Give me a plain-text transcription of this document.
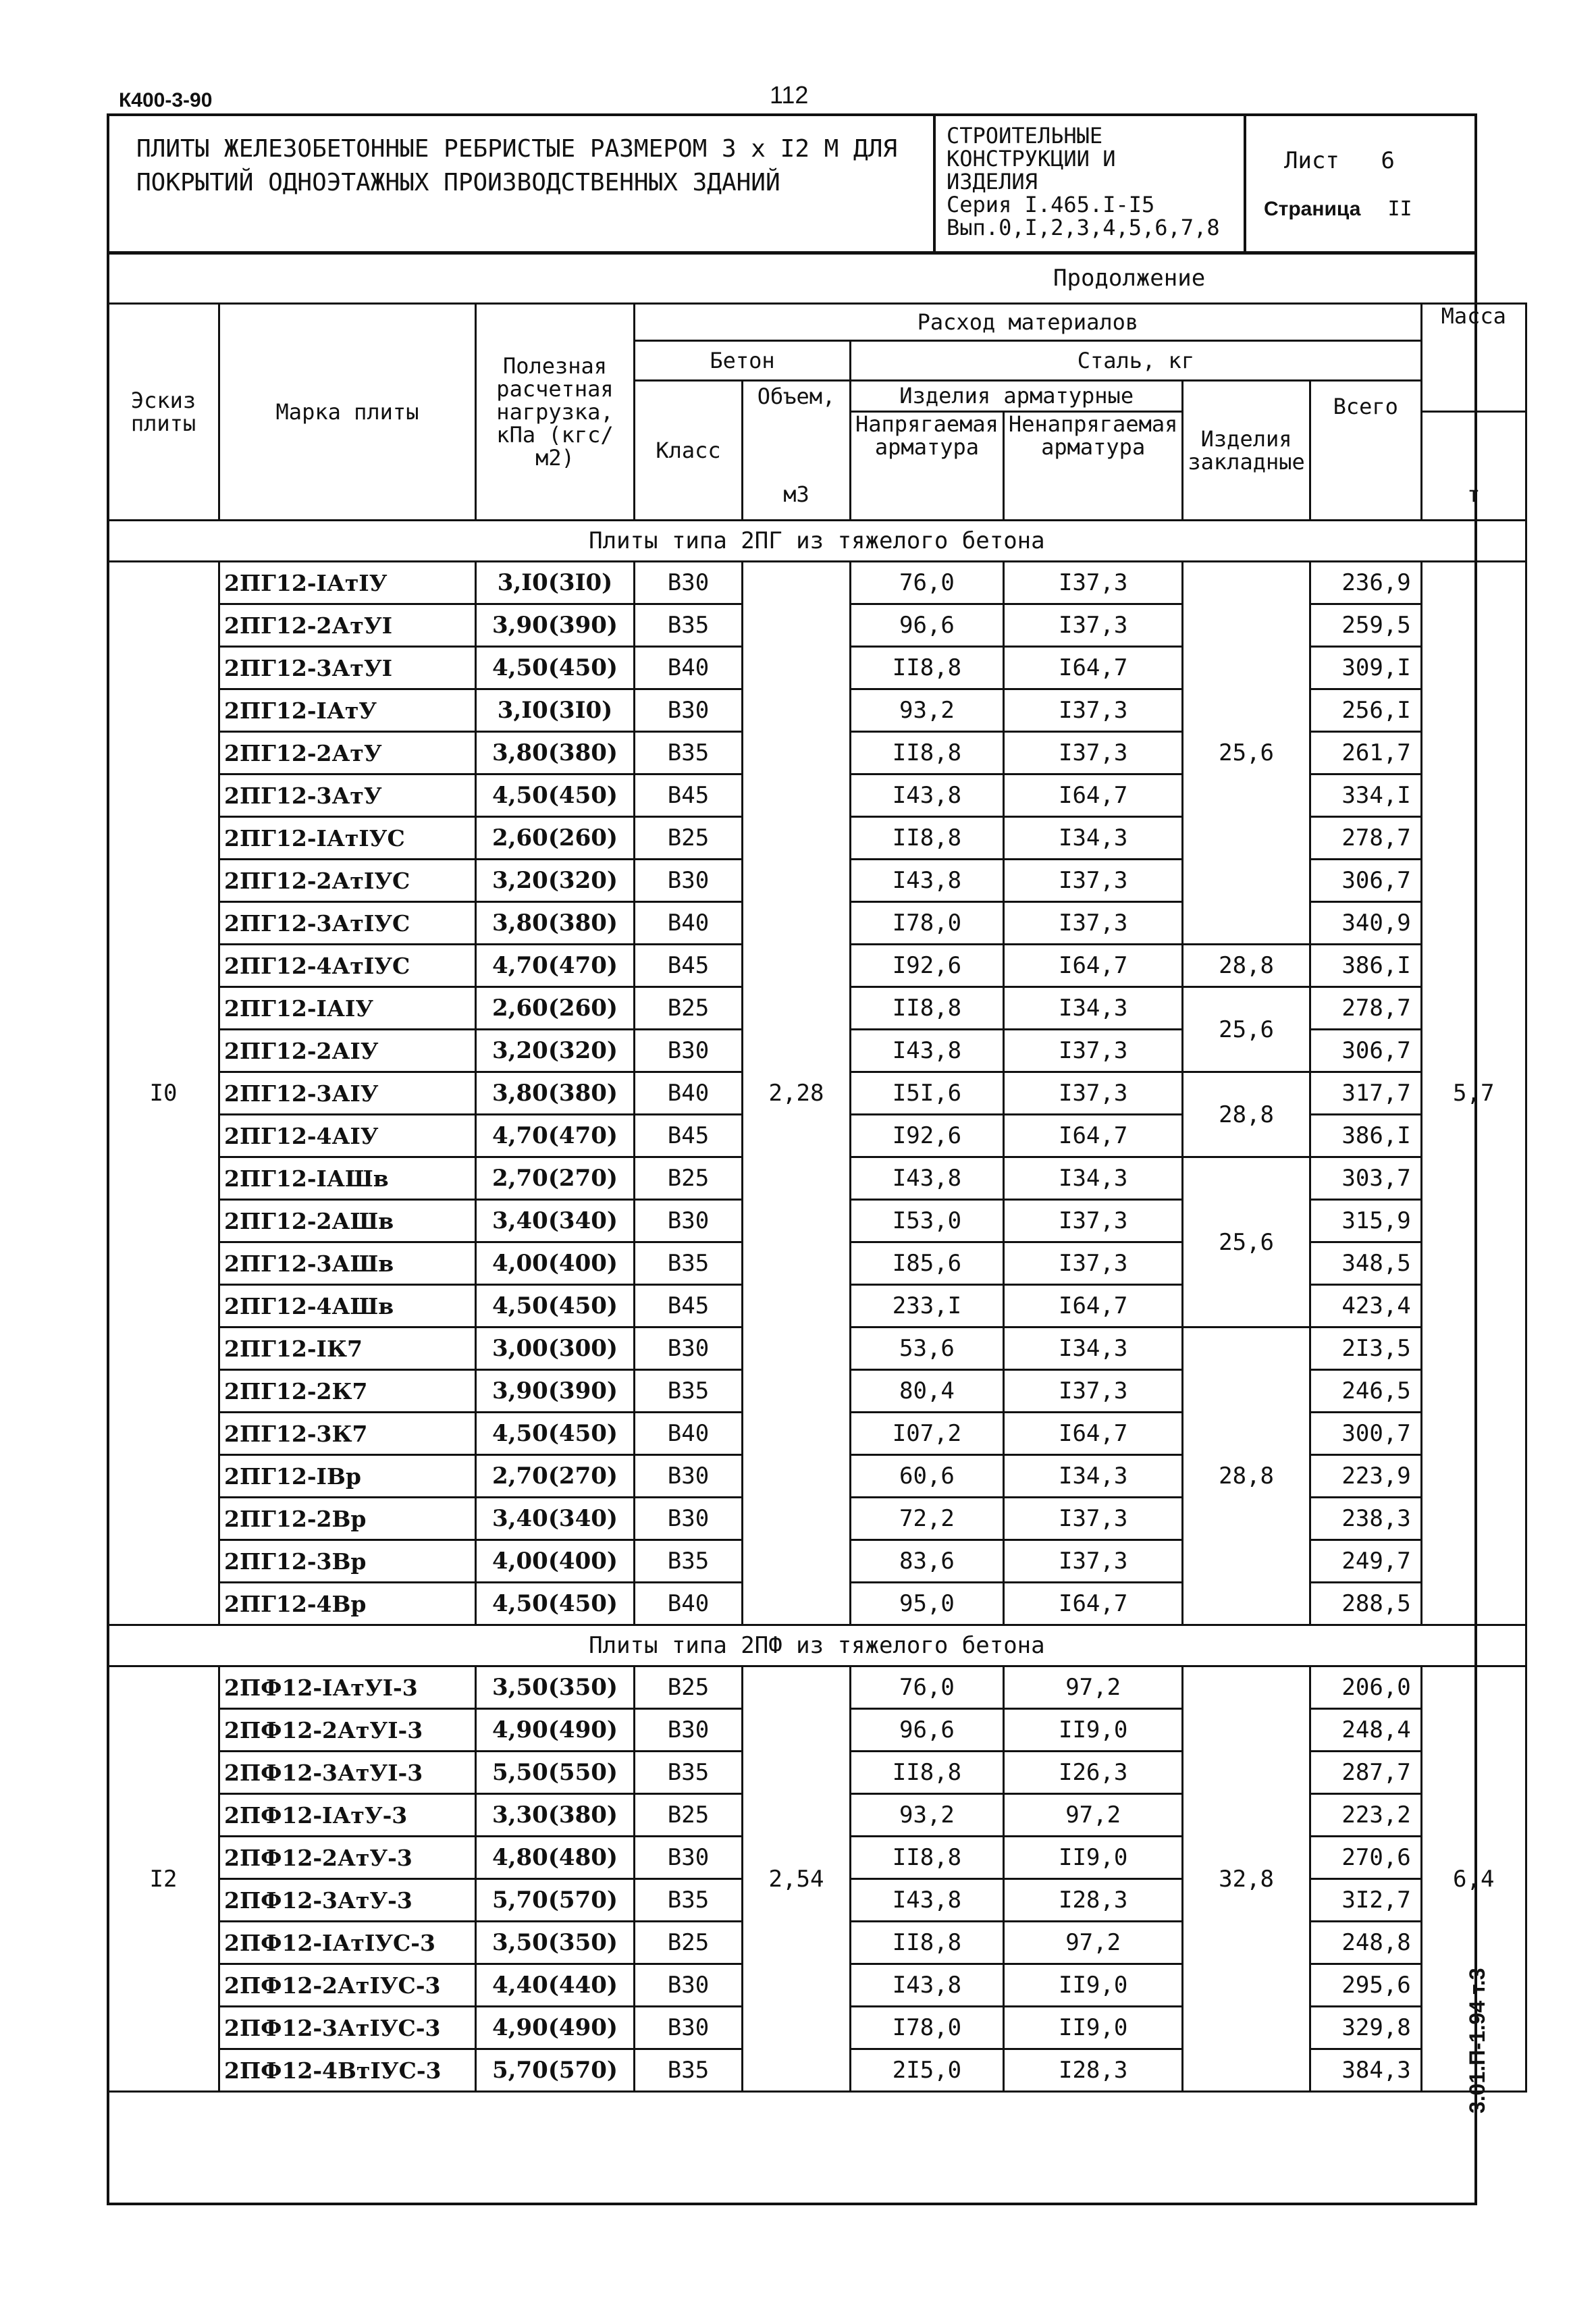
К400-3-90	112
ПЛИТЫ ЖЕЛЕЗОБЕТОННЫЕ РЕБРИСТЫЕ РАЗМЕРОМ 3 х I2 М ДЛЯ ПОКРЫТИЙ ОДНОЭТАЖНЫХ ПРОИЗВОДСТВЕННЫХ ЗДАНИЙ
СТРОИТЕЛЬНЫЕ
КОНСТРУКЦИИ И
ИЗДЕЛИЯ
Серия I.465.I-I5
Вып.0,I,2,3,4,5,6,7,8
Лист 6
Страница II
Продолжение
Эскиз плиты	Марка плиты	Полезная расчетная нагрузка, кПа (кгс/м2)	Расход материалов						Масса
			Бетон		Сталь, кг				
			Класс	Объем,	Изделия арматурные		Изделия закладные	Всего	
				м3	Напрягаемая арматура	Ненапрягаемая арматура			т
Плиты типа 2ПГ из тяжелого бетона									
I0	2ПГ12-IАтIУ	3,I0(3I0)	В30	2,28	76,0	I37,3	25,6	236,9	5,7
	2ПГ12-2АтУI	3,90(390)	В35		96,6	I37,3		259,5	
	2ПГ12-3АтУI	4,50(450)	В40		II8,8	I64,7		309,I	
	2ПГ12-IАтУ	3,I0(3I0)	В30		93,2	I37,3		256,I	
	2ПГ12-2АтУ	3,80(380)	В35		II8,8	I37,3		261,7	
	2ПГ12-3АтУ	4,50(450)	В45		I43,8	I64,7		334,I	
	2ПГ12-IАтIУС	2,60(260)	В25		II8,8	I34,3		278,7	
	2ПГ12-2АтIУС	3,20(320)	В30		I43,8	I37,3		306,7	
	2ПГ12-3АтIУС	3,80(380)	В40		I78,0	I37,3		340,9	
	2ПГ12-4АтIУС	4,70(470)	В45		I92,6	I64,7	28,8	386,I	
	2ПГ12-IАIУ	2,60(260)	В25		II8,8	I34,3	25,6	278,7	
	2ПГ12-2АIУ	3,20(320)	В30		I43,8	I37,3		306,7	
	2ПГ12-3АIУ	3,80(380)	В40		I5I,6	I37,3	28,8	317,7	
	2ПГ12-4АIУ	4,70(470)	В45		I92,6	I64,7		386,I	
	2ПГ12-IАШв	2,70(270)	В25		I43,8	I34,3	25,6	303,7	
	2ПГ12-2АШв	3,40(340)	В30		I53,0	I37,3		315,9	
	2ПГ12-3АШв	4,00(400)	В35		I85,6	I37,3		348,5	
	2ПГ12-4АШв	4,50(450)	В45		233,I	I64,7		423,4	
	2ПГ12-IК7	3,00(300)	В30		53,6	I34,3	28,8	2I3,5	
	2ПГ12-2К7	3,90(390)	В35		80,4	I37,3		246,5	
	2ПГ12-3К7	4,50(450)	В40		I07,2	I64,7		300,7	
	2ПГ12-IВр	2,70(270)	В30		60,6	I34,3		223,9	
	2ПГ12-2Вр	3,40(340)	В30		72,2	I37,3		238,3	
	2ПГ12-3Вр	4,00(400)	В35		83,6	I37,3		249,7	
	2ПГ12-4Вр	4,50(450)	В40		95,0	I64,7		288,5	
Плиты типа 2ПФ из тяжелого бетона									
I2	2ПФ12-IАтУI-3	3,50(350)	В25	2,54	76,0	97,2	32,8	206,0	6,4
	2ПФ12-2АтУI-3	4,90(490)	В30		96,6	II9,0		248,4	
	2ПФ12-3АтУI-3	5,50(550)	В35		II8,8	I26,3		287,7	
	2ПФ12-IАтУ-3	3,30(380)	В25		93,2	97,2		223,2	
	2ПФ12-2АтУ-3	4,80(480)	В30		II8,8	II9,0		270,6	
	2ПФ12-3АтУ-3	5,70(570)	В35		I43,8	I28,3		3I2,7	
	2ПФ12-IАтIУС-3	3,50(350)	В25		II8,8	97,2		248,8	
	2ПФ12-2АтIУС-3	4,40(440)	В30		I43,8	II9,0		295,6	
	2ПФ12-3АтIУС-3	4,90(490)	В30		I78,0	II9,0		329,8	
	2ПФ12-4ВтIУС-3	5,70(570)	В35		2I5,0	I28,3		384,3		3.01.П-1.94 т.3
